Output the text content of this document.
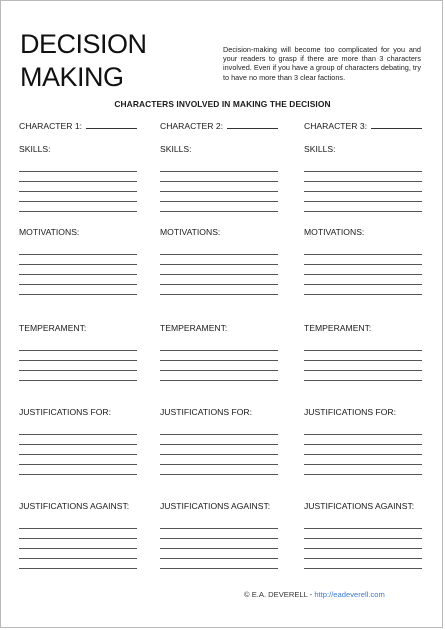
DECISION
MAKING
Decision-making will become too complicated for you and your readers to grasp if there are more than 3 characters involved. Even if you have a group of characters debating, try to have no more than 3 clear factions.
CHARACTERS INVOLVED IN MAKING THE DECISION
CHARACTER 1:
SKILLS:
MOTIVATIONS:
TEMPERAMENT:
JUSTIFICATIONS FOR:
JUSTIFICATIONS AGAINST:
CHARACTER 2:
SKILLS:
MOTIVATIONS:
TEMPERAMENT:
JUSTIFICATIONS FOR:
JUSTIFICATIONS AGAINST:
CHARACTER 3:
SKILLS:
MOTIVATIONS:
TEMPERAMENT:
JUSTIFICATIONS FOR:
JUSTIFICATIONS AGAINST:
© E.A. DEVERELL - http://eadeverell.com
